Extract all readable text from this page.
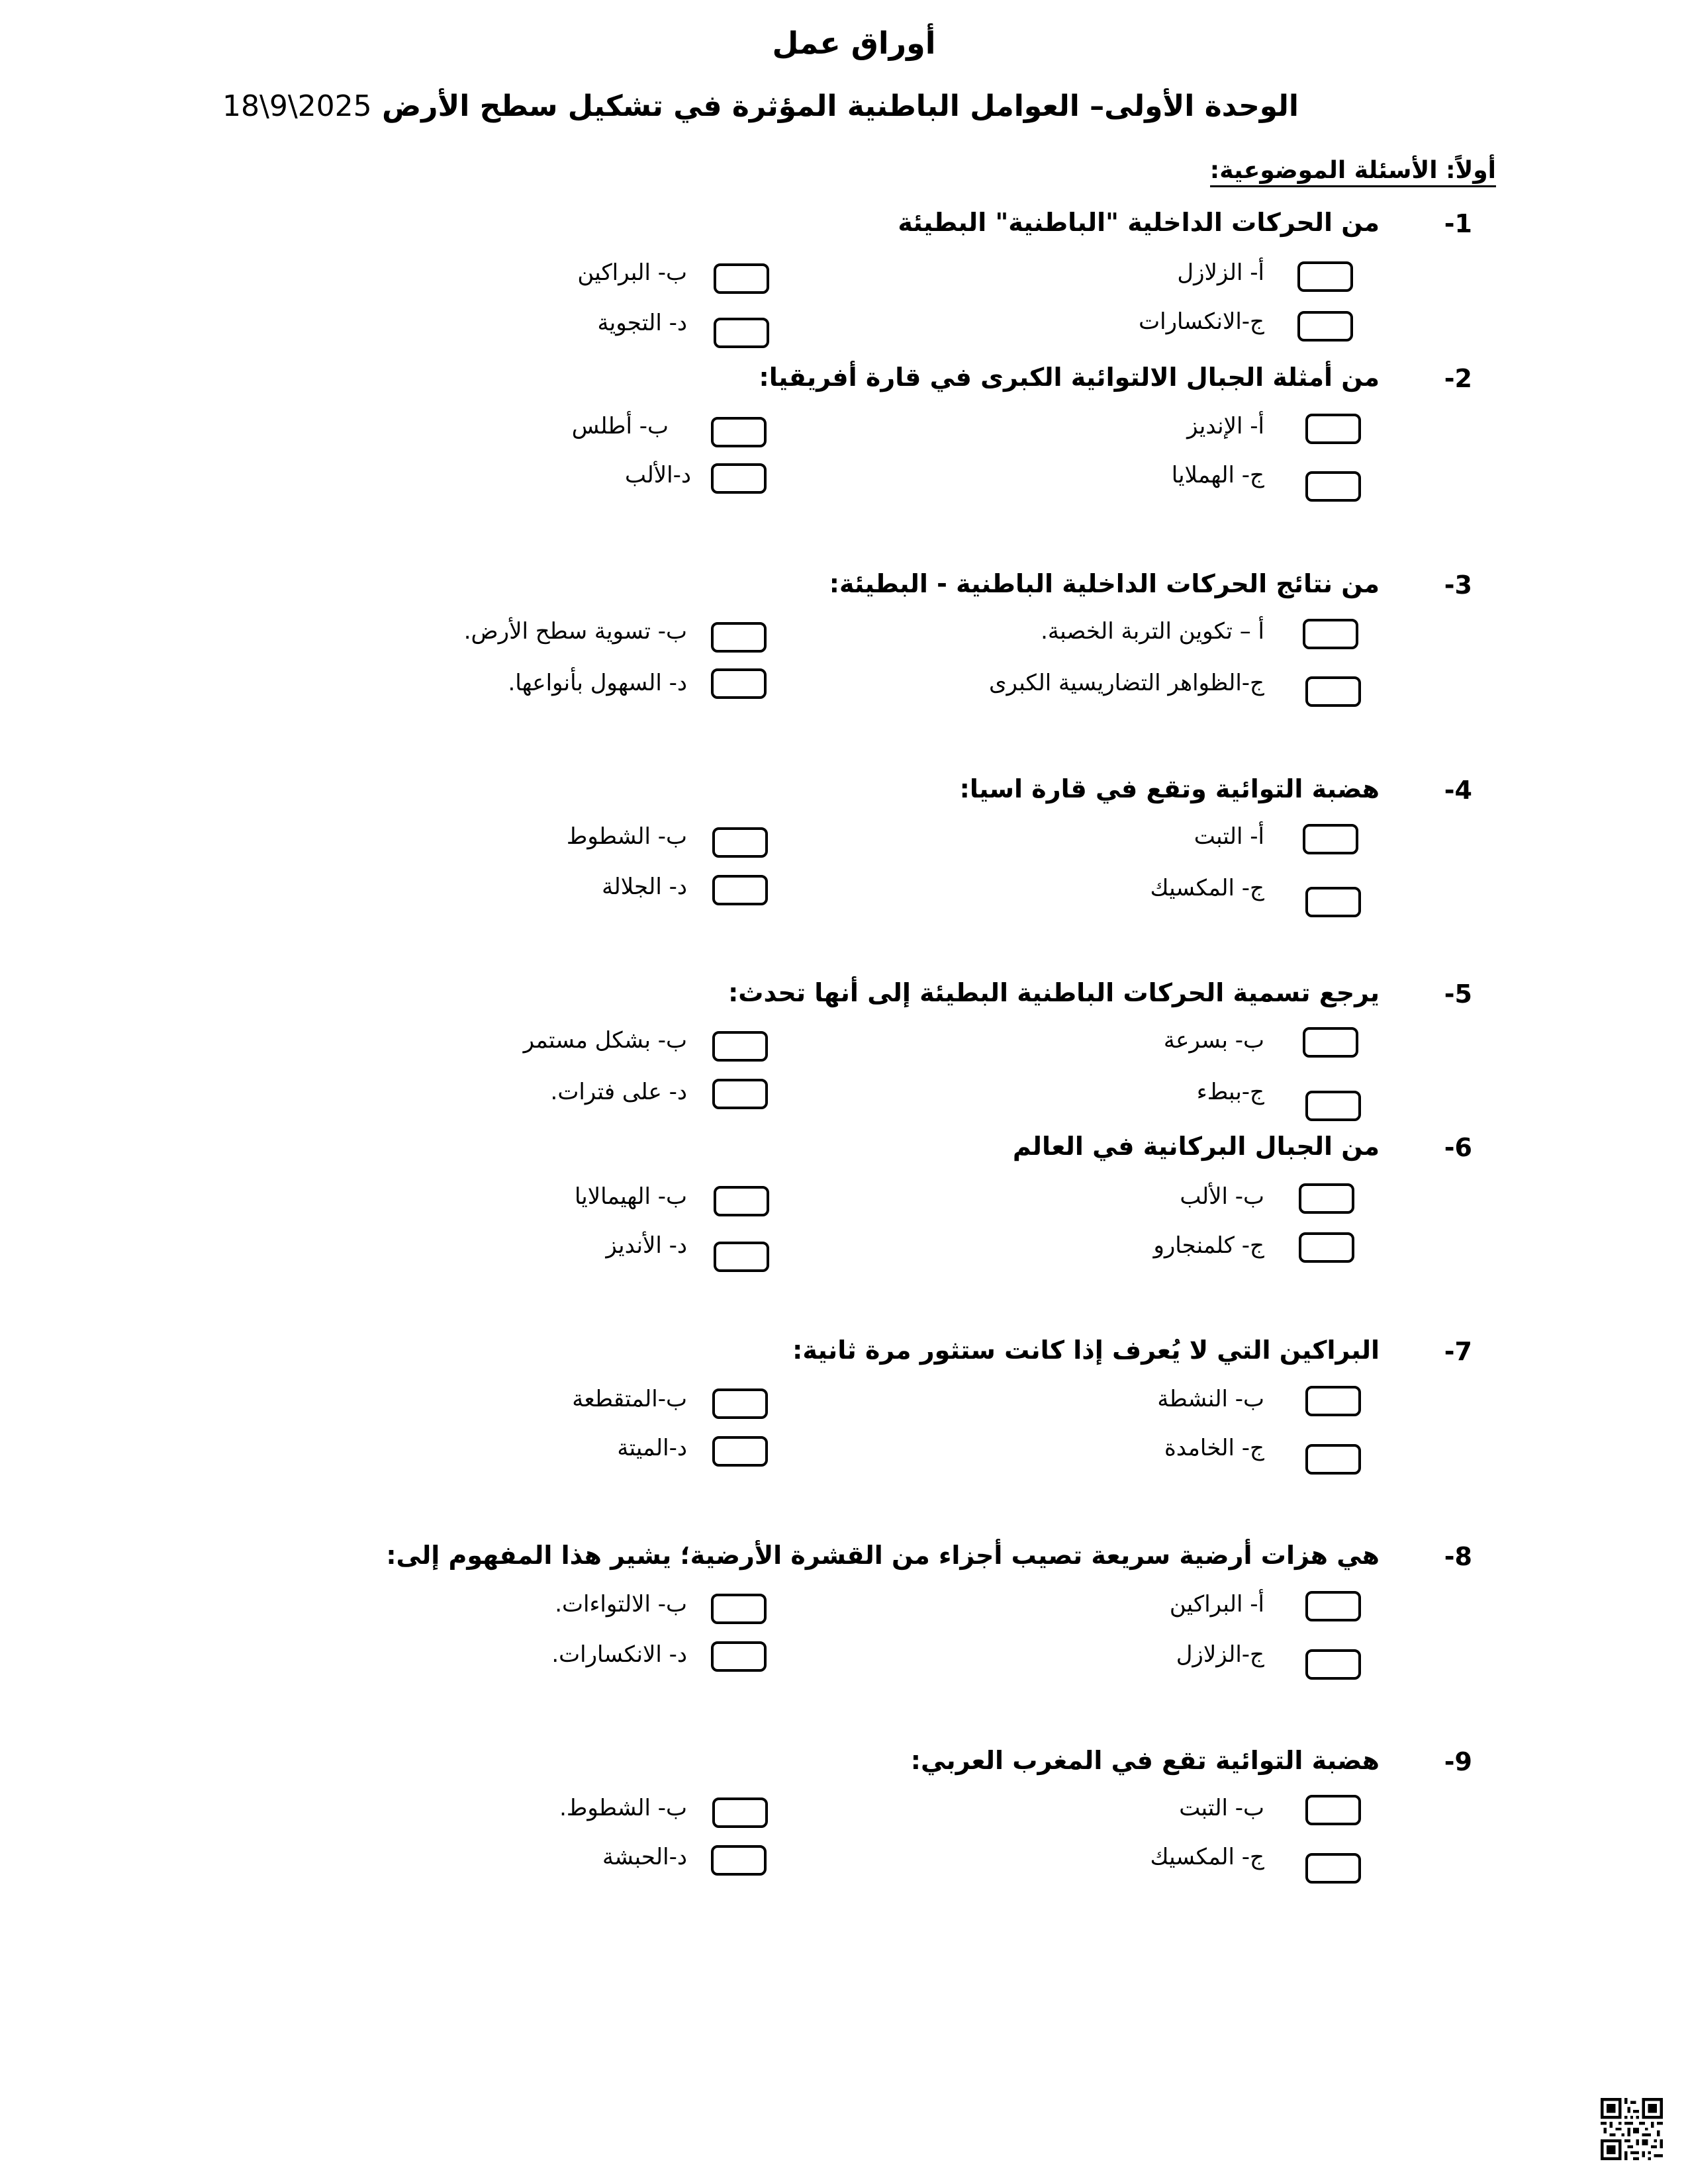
أوراق عمل
الوحدة الأولى– العوامل الباطنية المؤثرة في تشكيل سطح الأرض 2025\9\18
أولاً: الأسئلة الموضوعية:
-1
من الحركات الداخلية "الباطنية" البطيئة
أ- الزلازل
ب- البراكين
ج-الانكسارات
د- التجوية
-2
من أمثلة الجبال الالتوائية الكبرى في قارة أفريقيا:
أ- الإنديز
ب- أطلس
ج- الهملايا
د-الألب
-3
من نتائج الحركات الداخلية الباطنية - البطيئة:
أ – تكوين التربة الخصبة.
ب- تسوية سطح الأرض.
ج-الظواهر التضاريسية الكبرى
د- السهول بأنواعها.
-4
هضبة التوائية وتقع في قارة اسيا:
أ- التبت
ب- الشطوط
ج- المكسيك
د- الجلالة
-5
يرجع تسمية الحركات الباطنية البطيئة إلى أنها تحدث:
ب- بسرعة
ب- بشكل مستمر
ج-ببطء
د- على فترات.
-6
من الجبال البركانية في العالم
ب- الألب
ب- الهيمالايا
ج- كلمنجارو
د- الأنديز
-7
البراكين التي لا يُعرف إذا كانت ستثور مرة ثانية:
ب- النشطة
ب-المتقطعة
ج- الخامدة
د-الميتة
-8
هي هزات أرضية سريعة تصيب أجزاء من القشرة الأرضية؛ يشير هذا المفهوم إلى:
أ- البراكين
ب- الالتواءات.
ج-الزلازل
د- الانكسارات.
-9
هضبة التوائية تقع في المغرب العربي:
ب- التبت
ب- الشطوط.
ج- المكسيك
د-الحبشة
